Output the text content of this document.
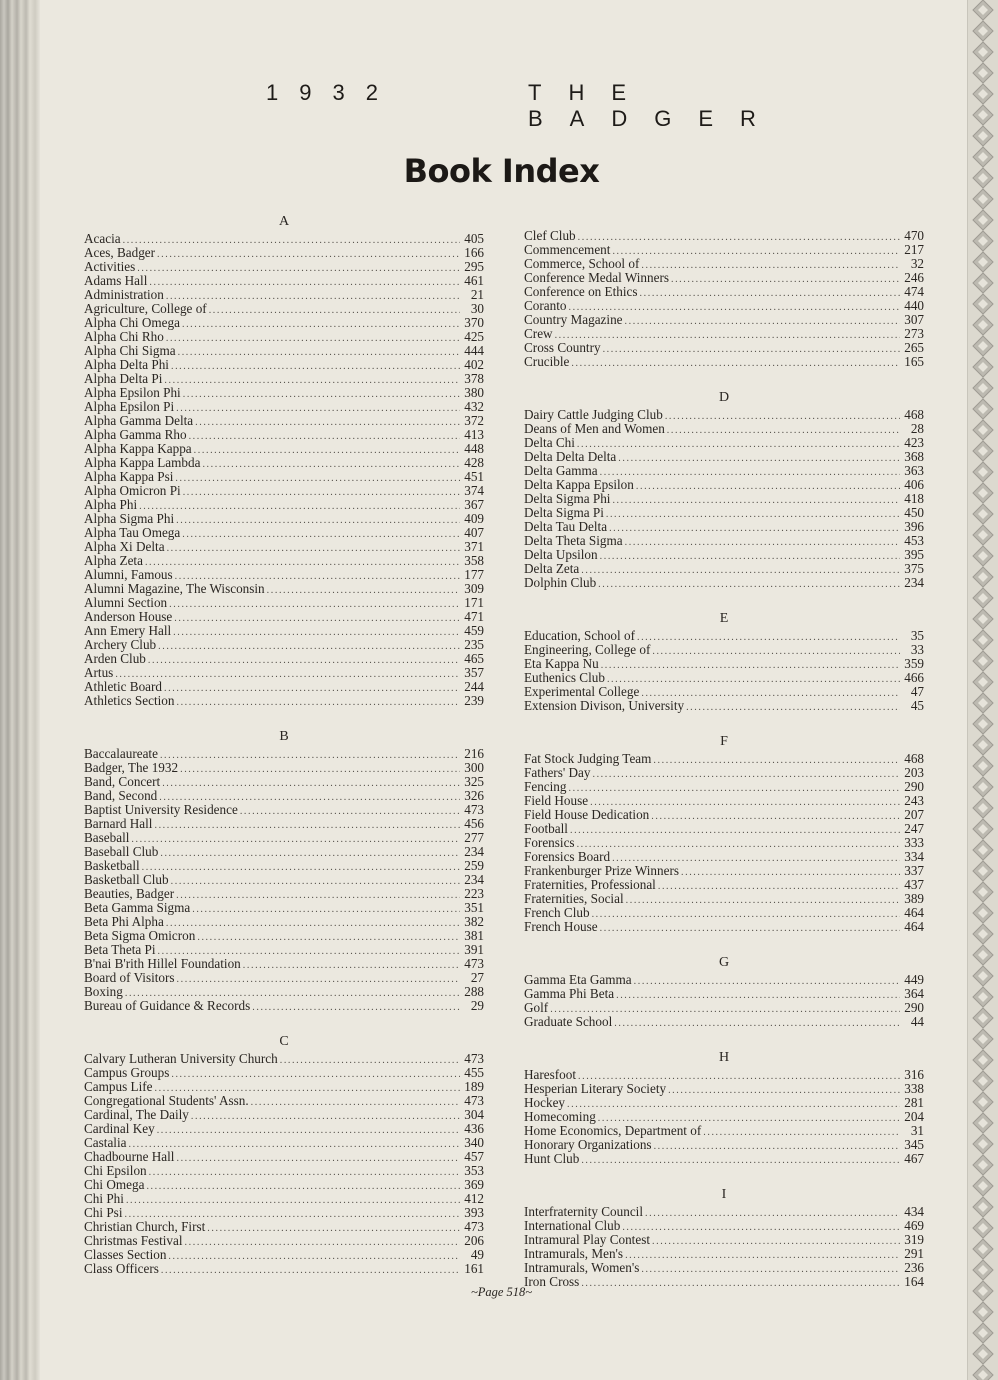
1932	THE BADGER
Book Index
A
Acacia .....	405
Aces, Badger .....	166
Activities .....	295
Adams Hall .....	461
Administration .....	21
Agriculture, College of .....	30
Alpha Chi Omega .....	370
Alpha Chi Rho .....	425
Alpha Chi Sigma .....	444
Alpha Delta Phi .....	402
Alpha Delta Pi .....	378
Alpha Epsilon Phi .....	380
Alpha Epsilon Pi .....	432
Alpha Gamma Delta .....	372
Alpha Gamma Rho .....	413
Alpha Kappa Kappa .....	448
Alpha Kappa Lambda .....	428
Alpha Kappa Psi .....	451
Alpha Omicron Pi .....	374
Alpha Phi .....	367
Alpha Sigma Phi .....	409
Alpha Tau Omega .....	407
Alpha Xi Delta .....	371
Alpha Zeta .....	358
Alumni, Famous .....	177
Alumni Magazine, The Wisconsin .....	309
Alumni Section .....	171
Anderson House .....	471
Ann Emery Hall .....	459
Archery Club .....	235
Arden Club .....	465
Artus .....	357
Athletic Board .....	244
Athletics Section .....	239
B
Baccalaureate .....	216
Badger, The 1932 .....	300
Band, Concert .....	325
Band, Second .....	326
Baptist University Residence .....	473
Barnard Hall .....	456
Baseball .....	277
Baseball Club .....	234
Basketball .....	259
Basketball Club .....	234
Beauties, Badger .....	223
Beta Gamma Sigma .....	351
Beta Phi Alpha .....	382
Beta Sigma Omicron .....	381
Beta Theta Pi .....	391
B'nai B'rith Hillel Foundation .....	473
Board of Visitors .....	27
Boxing .....	288
Bureau of Guidance & Records .....	29
C
Calvary Lutheran University Church .....	473
Campus Groups .....	455
Campus Life .....	189
Congregational Students' Assn. .....	473
Cardinal, The Daily .....	304
Cardinal Key .....	436
Castalia .....	340
Chadbourne Hall .....	457
Chi Epsilon .....	353
Chi Omega .....	369
Chi Phi .....	412
Chi Psi .....	393
Christian Church, First .....	473
Christmas Festival .....	206
Classes Section .....	49
Class Officers .....	161
Clef Club .....	470
Commencement .....	217
Commerce, School of .....	32
Conference Medal Winners .....	246
Conference on Ethics .....	474
Coranto .....	440
Country Magazine .....	307
Crew .....	273
Cross Country .....	265
Crucible .....	165
D
Dairy Cattle Judging Club .....	468
Deans of Men and Women .....	28
Delta Chi .....	423
Delta Delta Delta .....	368
Delta Gamma .....	363
Delta Kappa Epsilon .....	406
Delta Sigma Phi .....	418
Delta Sigma Pi .....	450
Delta Tau Delta .....	396
Delta Theta Sigma .....	453
Delta Upsilon .....	395
Delta Zeta .....	375
Dolphin Club .....	234
E
Education, School of .....	35
Engineering, College of .....	33
Eta Kappa Nu .....	359
Euthenics Club .....	466
Experimental College .....	47
Extension Divison, University .....	45
F
Fat Stock Judging Team .....	468
Fathers' Day .....	203
Fencing .....	290
Field House .....	243
Field House Dedication .....	207
Football .....	247
Forensics .....	333
Forensics Board .....	334
Frankenburger Prize Winners .....	337
Fraternities, Professional .....	437
Fraternities, Social .....	389
French Club .....	464
French House .....	464
G
Gamma Eta Gamma .....	449
Gamma Phi Beta .....	364
Golf .....	290
Graduate School .....	44
H
Haresfoot .....	316
Hesperian Literary Society .....	338
Hockey .....	281
Homecoming .....	204
Home Economics, Department of .....	31
Honorary Organizations .....	345
Hunt Club .....	467
I
Interfraternity Council .....	434
International Club .....	469
Intramural Play Contest .....	319
Intramurals, Men's .....	291
Intramurals, Women's .....	236
Iron Cross .....	164
~Page 518~
